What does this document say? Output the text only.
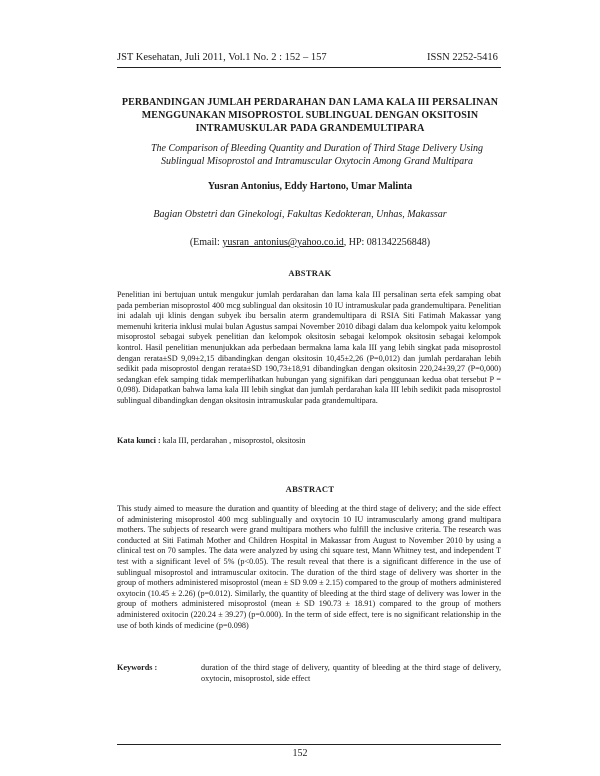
JST Kesehatan, Juli 2011, Vol.1 No. 2 : 152 – 157	ISSN 2252-5416
PERBANDINGAN JUMLAH PERDARAHAN DAN LAMA KALA III PERSALINAN MENGGUNAKAN MISOPROSTOL SUBLINGUAL DENGAN OKSITOSIN INTRAMUSKULAR PADA GRANDEMULTIPARA
The Comparison of Bleeding Quantity and Duration of Third Stage Delivery Using Sublingual Misoprostol and Intramuscular Oxytocin Among Grand Multipara
Yusran Antonius, Eddy Hartono, Umar Malinta
Bagian Obstetri dan Ginekologi, Fakultas Kedokteran, Unhas, Makassar
(Email: yusran_antonius@yahoo.co.id, HP: 081342256848)
ABSTRAK
Penelitian ini bertujuan untuk mengukur jumlah perdarahan dan lama kala III persalinan serta efek samping obat pada pemberian misoprostol 400 mcg sublingual dan oksitosin 10 IU intramuskular pada grandemultipara. Penelitian ini adalah uji klinis dengan subyek ibu bersalin aterm grandemultipara di RSIA Siti Fatimah Makassar yang memenuhi kriteria inklusi mulai bulan Agustus sampai November 2010 dibagi dalam dua kelompok yaitu kelompok misoprostol sebagai subyek penelitian dan kelompok oksitosin sebagai kelompok oksitosin sebagai kelompok kontrol. Hasil penelitian menunjukkan ada perbedaan bermakna lama kala III yang lebih singkat pada misoprostol dengan rerata±SD 9,09±2,15 dibandingkan dengan oksitosin 10,45±2,26 (P=0,012) dan jumlah perdarahan lebih sedikit pada misoprostol dengan rerata±SD 190,73±18,91 dibandingkan dengan oksitosin 220,24±39,27 (P=0,000) sedangkan efek samping tidak memperlihatkan hubungan yang signifikan dari penggunaan kedua obat tersebut P = 0,098). Didapatkan bahwa lama kala III lebih singkat dan jumlah perdarahan kala III lebih sedikit pada misoprostol sublingual dibandingkan dengan oksitosin intramuskular pada grandemultipara.
Kata kunci : kala III, perdarahan , misoprostol, oksitosin
ABSTRACT
This study aimed to measure the duration and quantity of bleeding at the third stage of delivery; and the side effect of administering misoprostol 400 mcg sublingually and oxytocin 10 IU intramuscularly among grand multipara mothers. The subjects of research were grand multipara mothers who fulfill the inclusive criteria. The research was conducted at Siti Fatimah Mother and Children Hospital in Makassar from August to November 2010 by using a clinical test on 70 samples. The data were analyzed by using chi square test, Mann Whitney test, and independent T test with a significant level of 5% (p<0.05). The result reveal that there is a significant difference in the use of sublingual misoprostol and intramuscular oxitocin. The duration of the third stage of delivery was shorter in the group of mothers administered misoprostol (mean ± SD 9.09 ± 2.15) compared to the group of mothers administered oxytocin (10.45 ± 2.26) (p=0.012). Similarly, the quantity of bleeding at the third stage of delivery was lower in the group of mothers administered misoprostol (mean ± SD 190.73 ± 18.91) compared to the group of mothers administered oxitocin (220.24 ± 39.27) (p=0.000). In the term of side effect, tere is no significant relationship in the use of both kinds of medicine (p=0.098)
Keywords :	duration of the third stage of delivery, quantity of bleeding at the third stage of delivery, oxytocin, misoprostol, side effect
152
